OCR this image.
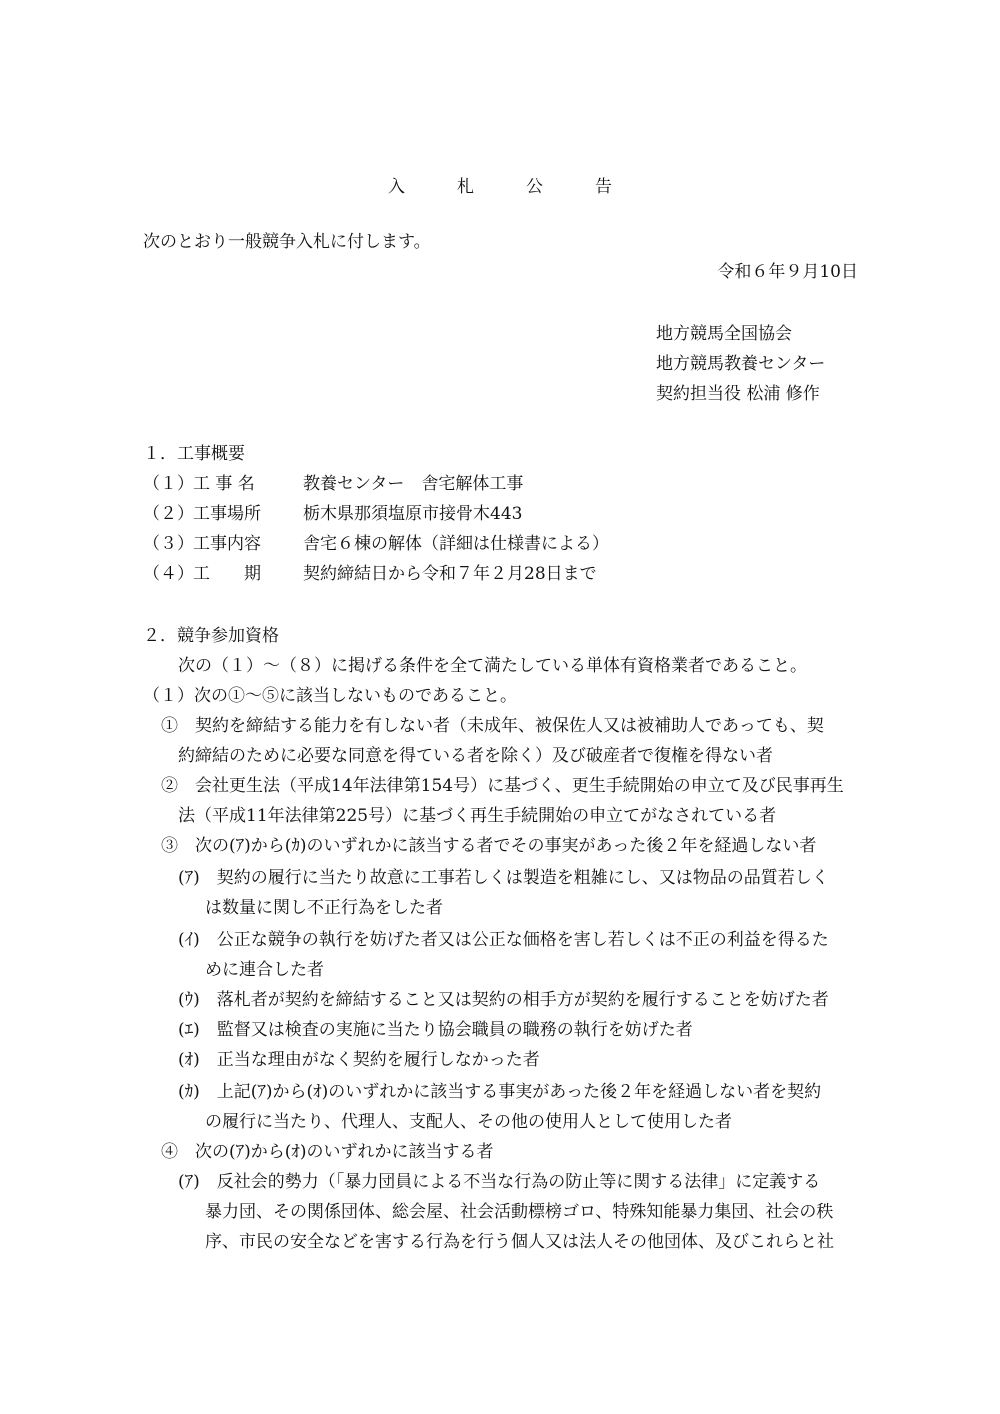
入札公告
次のとおり一般競争入札に付します。
令和６年９月10日
地方競馬全国協会
地方競馬教養センター
契約担当役 松浦 修作
１．工事概要
（１）工 事 名	教養センター　舎宅解体工事
（２）工事場所 栃木県那須塩原市接骨木443
（３）工事内容 舎宅６棟の解体（詳細は仕様書による）
（４）工　　期 契約締結日から令和７年２月28日まで
２．競争参加資格
次の（１）～（８）に掲げる条件を全て満たしている単体有資格業者であること。
（１）次の①～⑤に該当しないものであること。
①　契約を締結する能力を有しない者（未成年、被保佐人又は被補助人であっても、契
約締結のために必要な同意を得ている者を除く）及び破産者で復権を得ない者
②　会社更生法（平成14年法律第154号）に基づく、更生手続開始の申立て及び民事再生
法（平成11年法律第225号）に基づく再生手続開始の申立てがなされている者
③　次の(ｱ)から(ｶ)のいずれかに該当する者でその事実があった後２年を経過しない者
(ｱ)　契約の履行に当たり故意に工事若しくは製造を粗雑にし、又は物品の品質若しく
は数量に関し不正行為をした者
(ｲ)　公正な競争の執行を妨げた者又は公正な価格を害し若しくは不正の利益を得るた
めに連合した者
(ｳ)　落札者が契約を締結すること又は契約の相手方が契約を履行することを妨げた者
(ｴ)　監督又は検査の実施に当たり協会職員の職務の執行を妨げた者
(ｵ)　正当な理由がなく契約を履行しなかった者
(ｶ)　上記(ｱ)から(ｵ)のいずれかに該当する事実があった後２年を経過しない者を契約
の履行に当たり、代理人、支配人、その他の使用人として使用した者
④　次の(ｱ)から(ｵ)のいずれかに該当する者
(ｱ)　反社会的勢力（「暴力団員による不当な行為の防止等に関する法律」に定義する
暴力団、その関係団体、総会屋、社会活動標榜ゴロ、特殊知能暴力集団、社会の秩
序、市民の安全などを害する行為を行う個人又は法人その他団体、及びこれらと社
